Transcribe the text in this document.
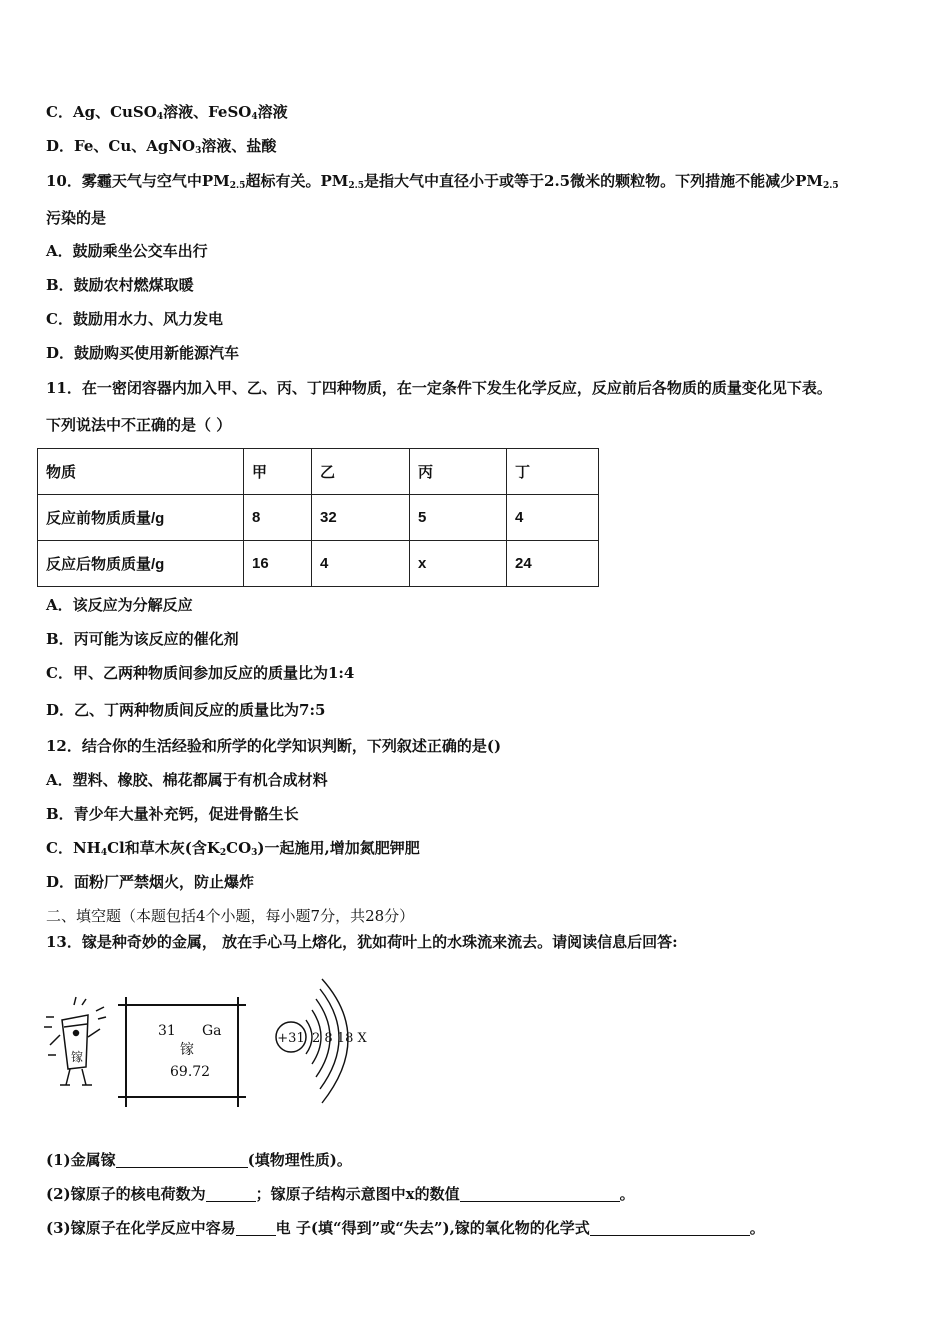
C．Ag、CuSO$_4$溶液、FeSO$_4$溶液
D．Fe、Cu、AgNO$_3$溶液、盐酸
10．雾霾天气与空气中$PM_{2.5}$超标有关。$PM_{2.5}$是指大气中直径小于或等于2.5微米的颗粒物。下列措施不能减少$PM_{2.5}$
污染的是
A．鼓励乘坐公交车出行
B．鼓励农村燃煤取暖
C．鼓励用水力、风力发电
D．鼓励购买使用新能源汽车
11．在一密闭容器内加入甲、乙、丙、丁四种物质，在一定条件下发生化学反应，反应前后各物质的质量变化见下表。
下列说法中不正确的是（ ）
物质	甲	乙	丙	丁
反应前物质质量/g	8	32	5	4
反应后物质质量/g	16	4	x	24
A．该反应为分解反应
B．丙可能为该反应的催化剂
C．甲、乙两种物质间参加反应的质量比为1:4
D．乙、丁两种物质间反应的质量比为7:5
12．结合你的生活经验和所学的化学知识判断，下列叙述正确的是()
A．塑料、橡胶、棉花都属于有机合成材料
B．青少年大量补充钙，促进骨骼生长
C．$NH_4Cl$和草木灰(含$K_2CO_3$)一起施用,增加氮肥钾肥
D．面粉厂严禁烟火，防止爆炸
二、填空题（本题包括4个小题，每小题7分，共28分）
13．镓是种奇妙的金属， 放在手心马上熔化，犹如荷叶上的水珠流来流去。请阅读信息后回答:
镓
31 Ga
镓
69.72
+31 2 8 18 X
(1)金属镓	(填物理性质)。
(2)镓原子的核电荷数为	；镓原子结构示意图中x的数值	。
(3)镓原子在化学反应中容易	电 子(填“得到”或“失去”),镓的氧化物的化学式	。
